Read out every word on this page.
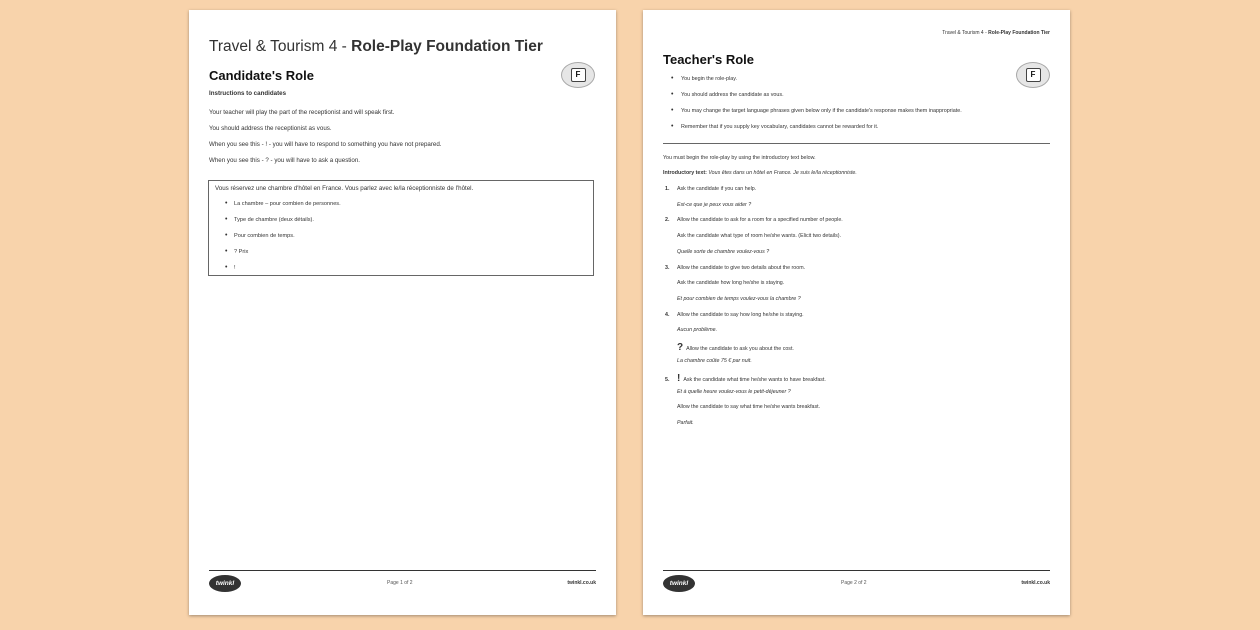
Travel & Tourism 4 - Role-Play Foundation Tier
Candidate's Role	F
Instructions to candidates
Your teacher will play the part of the receptionist and will speak first.
You should address the receptionist as vous.
When you see this - ! - you will have to respond to something you have not prepared.
When you see this - ? - you will have to ask a question.
Vous réservez une chambre d'hôtel en France. Vous parlez avec le/la réceptionniste de l'hôtel.
• La chambre – pour combien de personnes.
• Type de chambre (deux détails).
• Pour combien de temps.
• ? Prix
• !
twinkl	Page 1 of 2	twinkl.co.uk
Travel & Tourism 4 - Role-Play Foundation Tier
Teacher's Role
F
• You begin the role-play.
• You should address the candidate as vous.
• You may change the target language phrases given below only if the candidate's response makes them inappropriate.
• Remember that if you supply key vocabulary, candidates cannot be rewarded for it.
You must begin the role-play by using the introductory text below.
Introductory text: Vous êtes dans un hôtel en France. Je suis le/la réceptionniste.
1. Ask the candidate if you can help.
Est-ce que je peux vous aider ?
2. Allow the candidate to ask for a room for a specified number of people.
Ask the candidate what type of room he/she wants. (Elicit two details).
Quelle sorte de chambre voulez-vous ?
3. Allow the candidate to give two details about the room.
Ask the candidate how long he/she is staying.
Et pour combien de temps voulez-vous la chambre ?
4. Allow the candidate to say how long he/she is staying.
Aucun problème.
? Allow the candidate to ask you about the cost.
La chambre coûte 75 € par nuit.
5. ! Ask the candidate what time he/she wants to have breakfast.
Et à quelle heure voulez-vous le petit-déjeuner ?
Allow the candidate to say what time he/she wants breakfast.
Parfait.
twinkl	Page 2 of 2	twinkl.co.uk
